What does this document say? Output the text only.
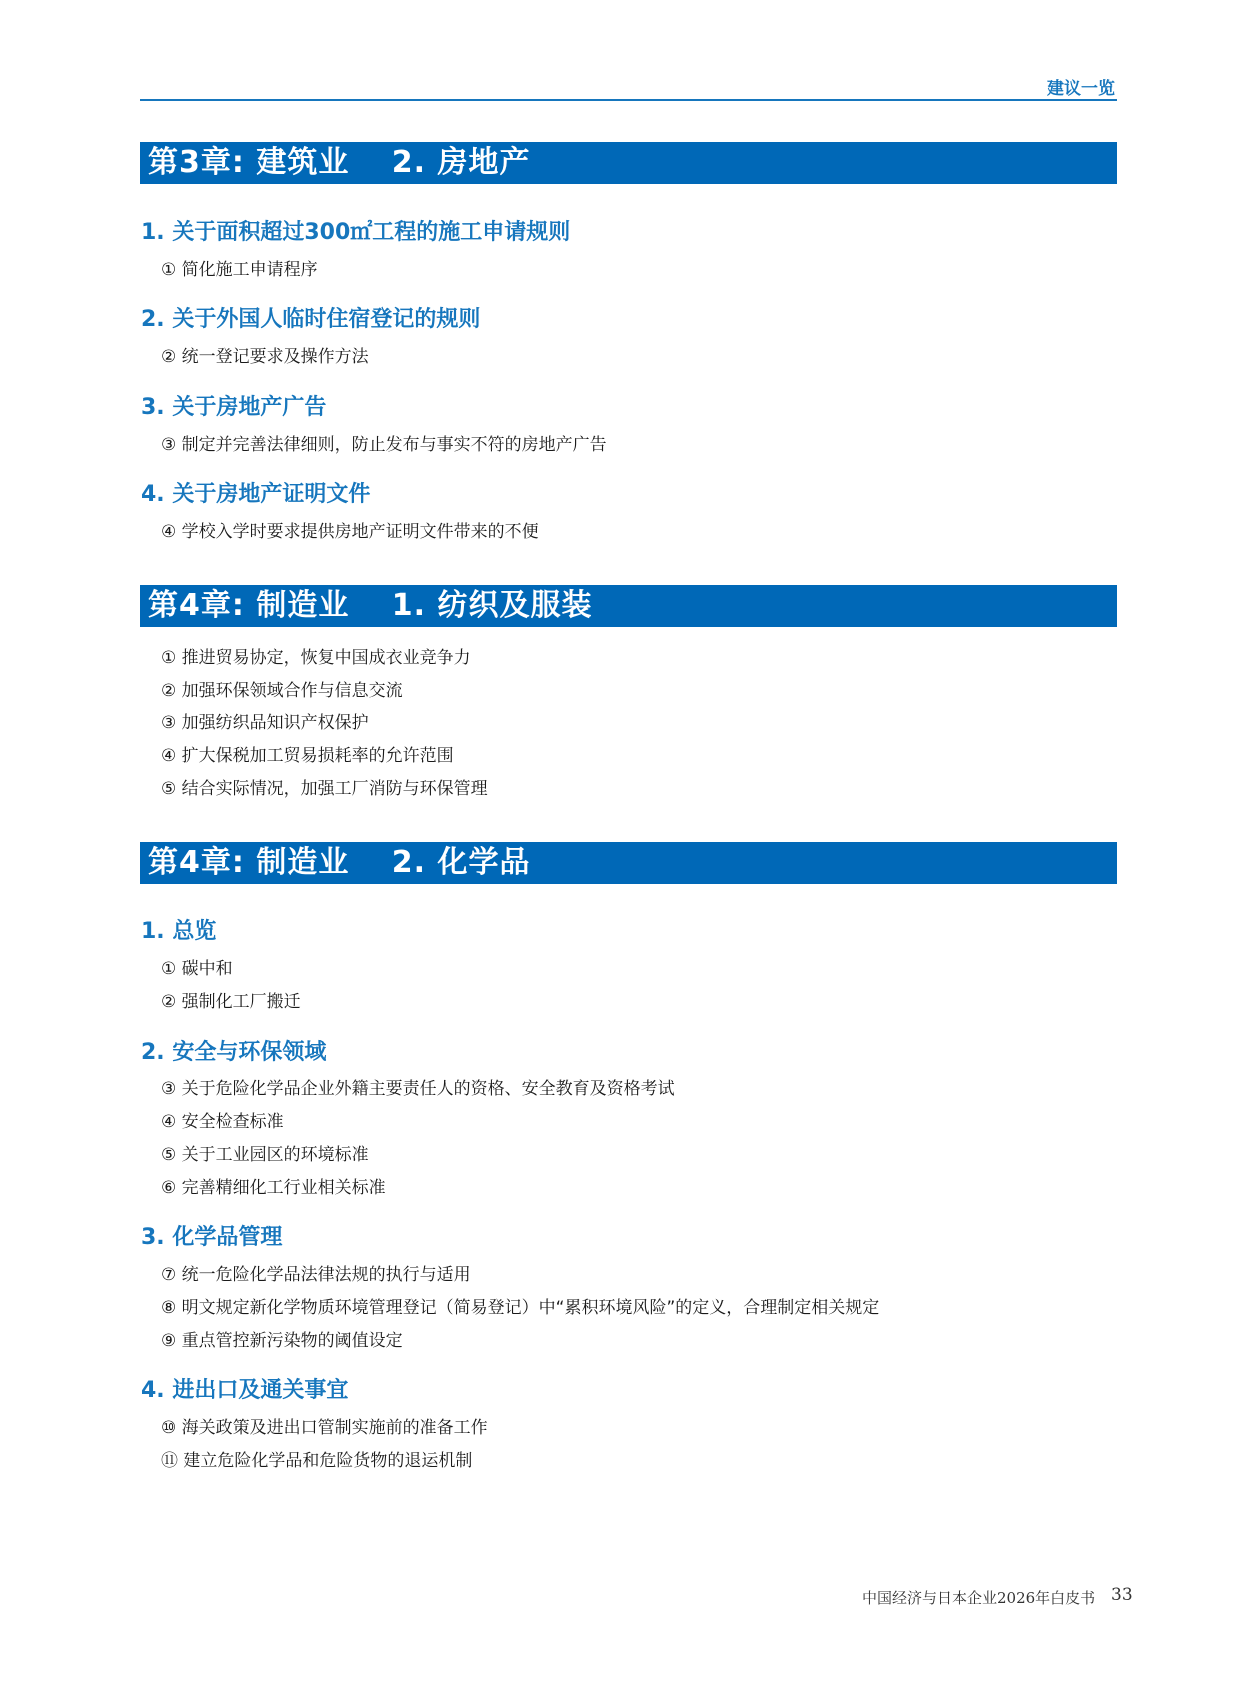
建议一览
第3章: 建筑业　 2. 房地产
1. 关于面积超过300㎡工程的施工申请规则
① 简化施工申请程序
2. 关于外国人临时住宿登记的规则
② 统一登记要求及操作方法
3. 关于房地产广告
③ 制定并完善法律细则，防止发布与事实不符的房地产广告
4. 关于房地产证明文件
④ 学校入学时要求提供房地产证明文件带来的不便
第4章: 制造业　 1. 纺织及服装
① 推进贸易协定，恢复中国成衣业竞争力
② 加强环保领域合作与信息交流
③ 加强纺织品知识产权保护
④ 扩大保税加工贸易损耗率的允许范围
⑤ 结合实际情况，加强工厂消防与环保管理
第4章: 制造业　 2. 化学品
1. 总览
① 碳中和
② 强制化工厂搬迁
2. 安全与环保领域
③ 关于危险化学品企业外籍主要责任人的资格、安全教育及资格考试
④ 安全检查标准
⑤ 关于工业园区的环境标准
⑥ 完善精细化工行业相关标准
3. 化学品管理
⑦ 统一危险化学品法律法规的执行与适用
⑧ 明文规定新化学物质环境管理登记（简易登记）中“累积环境风险”的定义，合理制定相关规定
⑨ 重点管控新污染物的阈值设定
4. 进出口及通关事宜
⑩ 海关政策及进出口管制实施前的准备工作
⑪ 建立危险化学品和危险货物的退运机制
中国经济与日本企业2026年白皮书 33
